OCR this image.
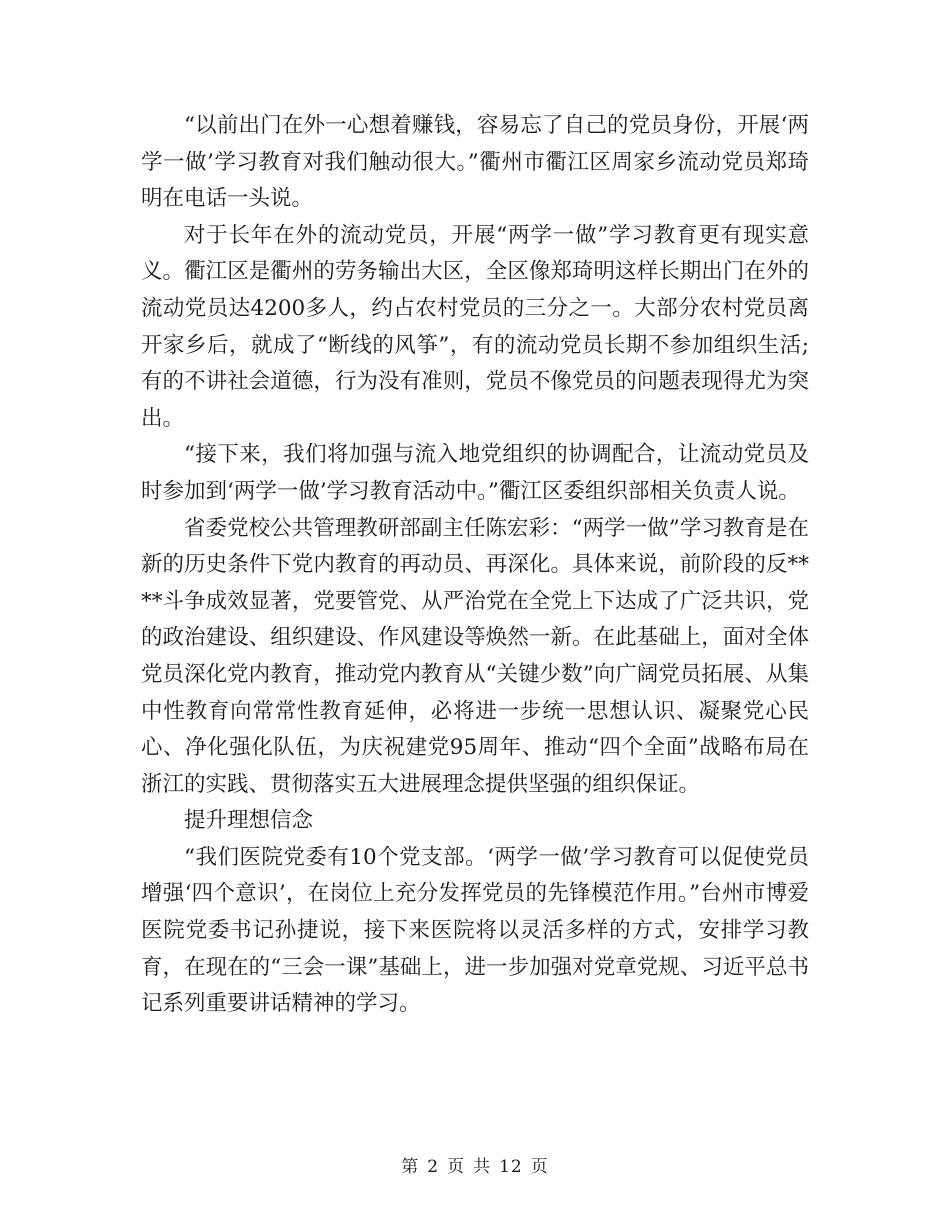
“以前出门在外一心想着赚钱，容易忘了自己的党员身份，开展‘两学一做’学习教育对我们触动很大。”衢州市衢江区周家乡流动党员郑琦明在电话一头说。

对于长年在外的流动党员，开展“两学一做”学习教育更有现实意义。衢江区是衢州的劳务输出大区，全区像郑琦明这样长期出门在外的流动党员达4200多人，约占农村党员的三分之一。大部分农村党员离开家乡后，就成了“断线的风筝”，有的流动党员长期不参加组织生活;有的不讲社会道德，行为没有准则，党员不像党员的问题表现得尤为突出。

“接下来，我们将加强与流入地党组织的协调配合，让流动党员及时参加到‘两学一做’学习教育活动中。”衢江区委组织部相关负责人说。

省委党校公共管理教研部副主任陈宏彩：“两学一做”学习教育是在新的历史条件下党内教育的再动员、再深化。具体来说，前阶段的反****斗争成效显著，党要管党、从严治党在全党上下达成了广泛共识，党的政治建设、组织建设、作风建设等焕然一新。在此基础上，面对全体党员深化党内教育，推动党内教育从“关键少数”向广阔党员拓展、从集中性教育向常常性教育延伸，必将进一步统一思想认识、凝聚党心民心、净化强化队伍，为庆祝建党95周年、推动“四个全面”战略布局在浙江的实践、贯彻落实五大进展理念提供坚强的组织保证。

提升理想信念

“我们医院党委有10个党支部。‘两学一做’学习教育可以促使党员增强‘四个意识’，在岗位上充分发挥党员的先锋模范作用。”台州市博爱医院党委书记孙捷说，接下来医院将以灵活多样的方式，安排学习教育，在现在的“三会一课”基础上，进一步加强对党章党规、习近平总书记系列重要讲话精神的学习。

第 2 页 共 12 页
